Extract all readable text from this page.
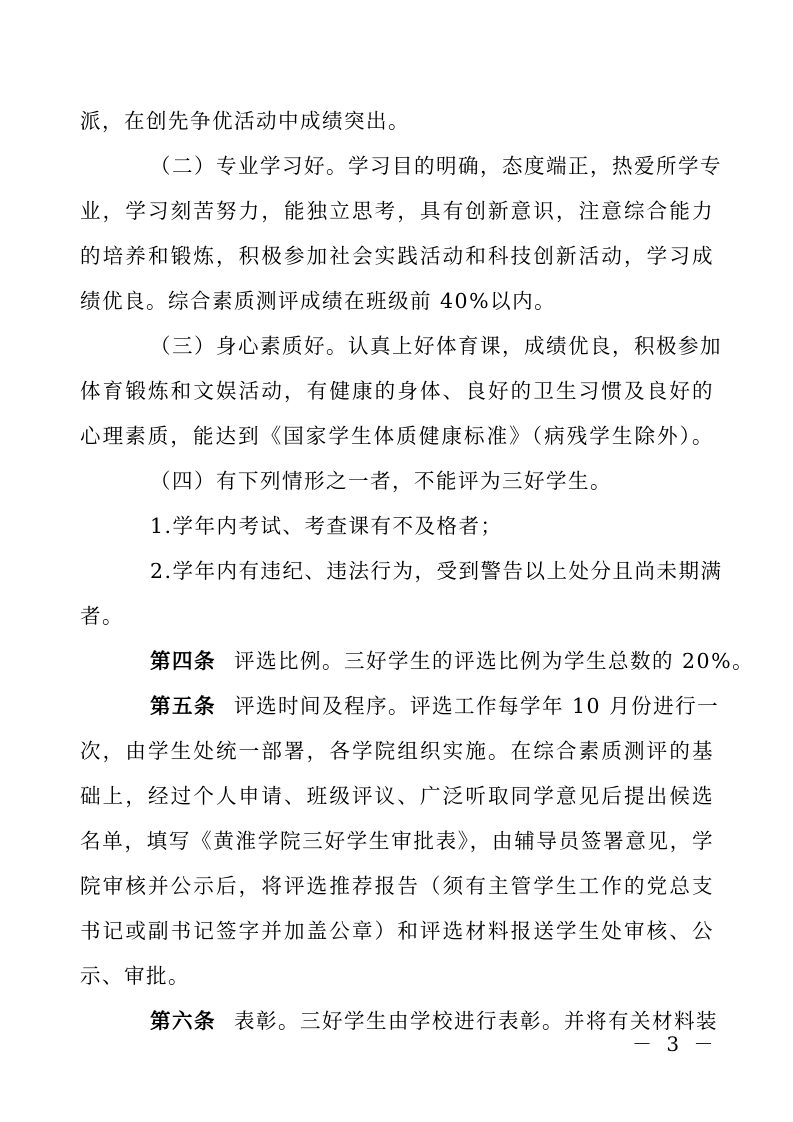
派，在创先争优活动中成绩突出。
（二）专业学习好。学习目的明确，态度端正，热爱所学专
业，学习刻苦努力，能独立思考，具有创新意识，注意综合能力
的培养和锻炼，积极参加社会实践活动和科技创新活动，学习成
绩优良。综合素质测评成绩在班级前 40%以内。
（三）身心素质好。认真上好体育课，成绩优良，积极参加
体育锻炼和文娱活动，有健康的身体、良好的卫生习惯及良好的
心理素质，能达到《国家学生体质健康标准》（病残学生除外）。
（四）有下列情形之一者，不能评为三好学生。
1.学年内考试、考查课有不及格者；
2.学年内有违纪、违法行为，受到警告以上处分且尚未期满
者。
第四条 评选比例。三好学生的评选比例为学生总数的 20%。
第五条 评选时间及程序。评选工作每学年 10 月份进行一
次，由学生处统一部署，各学院组织实施。在综合素质测评的基
础上，经过个人申请、班级评议、广泛听取同学意见后提出候选
名单，填写《黄淮学院三好学生审批表》，由辅导员签署意见，学
院审核并公示后，将评选推荐报告（须有主管学生工作的党总支
书记或副书记签字并加盖公章）和评选材料报送学生处审核、公
示、审批。
第六条 表彰。三好学生由学校进行表彰。并将有关材料装
－ 3 －
